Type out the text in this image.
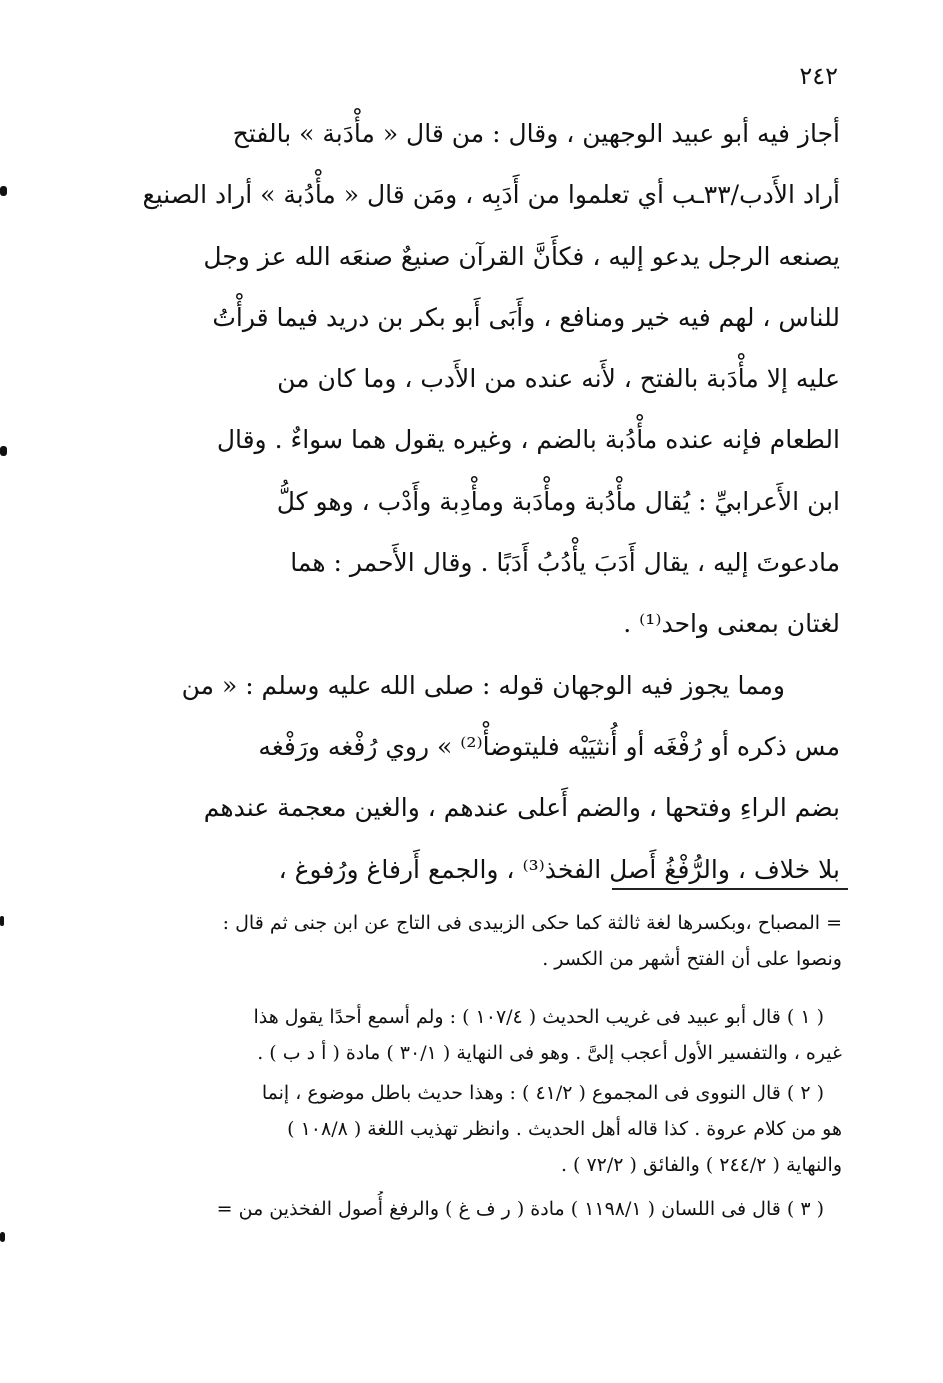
٢٤٢
أجاز فيه أبو عبيد الوجهين ، وقال : من قال « مأْدَبة » بالفتح
أراد الأَدب/٣٣ـب أي تعلموا من أَدَبِه ، ومَن قال « مأْدُبة » أراد الصنيع
يصنعه الرجل يدعو إليه ، فكأَنَّ القرآن صنيعٌ صنعَه الله عز وجل
للناس ، لهم فيه خير ومنافع ، وأَبَى أَبو بكر بن دريد فيما قرأْتُ
عليه إلا مأْدَبة بالفتح ، لأَنه عنده من الأَدب ، وما كان من
الطعام فإنه عنده مأْدُبة بالضم ، وغيره يقول هما سواءٌ . وقال
ابن الأَعرابيِّ : يُقال مأْدُبة ومأْدَبة ومأْدِبة وأَدْب ، وهو كلُّ
مادعوتَ إليه ، يقال أَدَبَ يأْدُبُ أَدَبًا . وقال الأَحمر : هما
لغتان بمعنى واحد⁽¹⁾ .
ومما يجوز فيه الوجهان قوله : صلى الله عليه وسلم : « من
مس ذكره أو رُفْغَه أو أُنثيَيْه فليتوضأْ⁽²⁾ » روي رُفْغه ورَفْغه
بضم الراءِ وفتحها ، والضم أَعلى عندهم ، والغين معجمة عندهم
بلا خلاف ، والرُّفْغُ أَصل الفخذ⁽³⁾ ، والجمع أَرفاغ ورُفوغ ،
= المصباح ،وبكسرها لغة ثالثة كما حكى الزبيدى فى التاج عن ابن جنى ثم قال :
ونصوا على أن الفتح أشهر من الكسر .
( ١ ) قال أبو عبيد فى غريب الحديث ( ١٠٧/٤ ) : ولم أسمع أحدًا يقول هذا
غيره ، والتفسير الأول أعجب إلىَّ . وهو فى النهاية ( ٣٠/١ ) مادة ( أ د ب ) .
( ٢ ) قال النووى فى المجموع ( ٤١/٢ ) : وهذا حديث باطل موضوع ، إنما
هو من كلام عروة . كذا قاله أهل الحديث . وانظر تهذيب اللغة ( ١٠٨/٨ )
والنهاية ( ٢٤٤/٢ ) والفائق ( ٧٢/٢ ) .
( ٣ ) قال فى اللسان ( ١١٩٨/١ ) مادة ( ر ف غ ) والرفغ أُصول الفخذين من =
